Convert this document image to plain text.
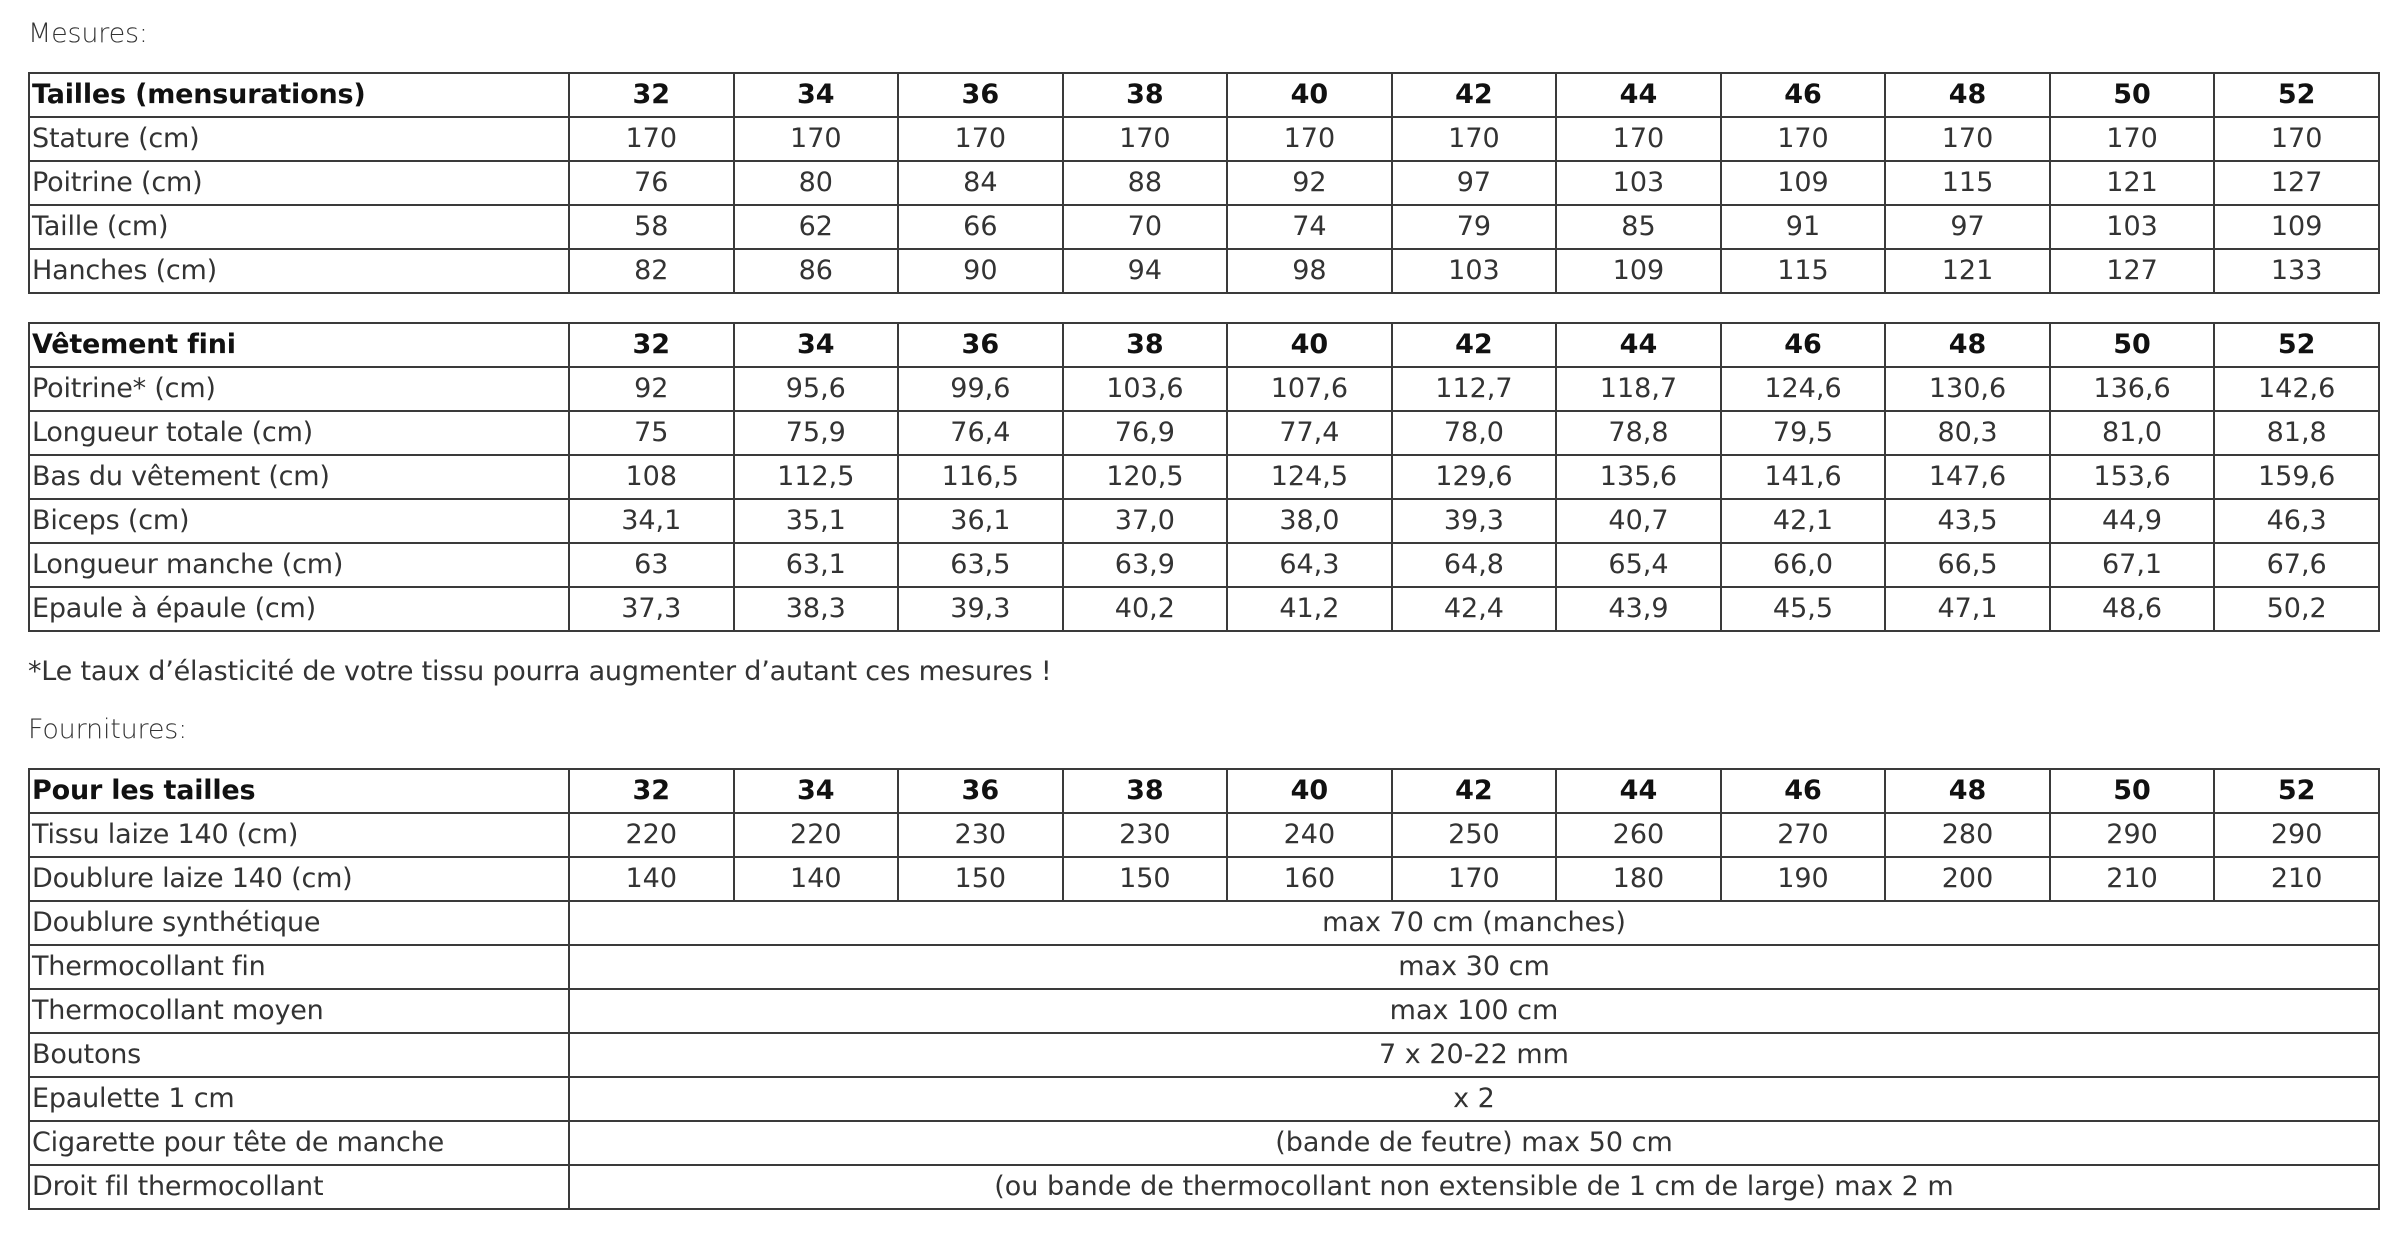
Mesures:
Tailles (mensurations)	32	34	36	38	40	42	44	46	48	50	52
Stature (cm)	170	170	170	170	170	170	170	170	170	170	170
Poitrine (cm)	76	80	84	88	92	97	103	109	115	121	127
Taille (cm)	58	62	66	70	74	79	85	91	97	103	109
Hanches (cm)	82	86	90	94	98	103	109	115	121	127	133
Vêtement fini	32	34	36	38	40	42	44	46	48	50	52
Poitrine* (cm)	92	95,6	99,6	103,6	107,6	112,7	118,7	124,6	130,6	136,6	142,6
Longueur totale (cm)	75	75,9	76,4	76,9	77,4	78,0	78,8	79,5	80,3	81,0	81,8
Bas du vêtement (cm)	108	112,5	116,5	120,5	124,5	129,6	135,6	141,6	147,6	153,6	159,6
Biceps (cm)	34,1	35,1	36,1	37,0	38,0	39,3	40,7	42,1	43,5	44,9	46,3
Longueur manche (cm)	63	63,1	63,5	63,9	64,3	64,8	65,4	66,0	66,5	67,1	67,6
Epaule à épaule (cm)	37,3	38,3	39,3	40,2	41,2	42,4	43,9	45,5	47,1	48,6	50,2
*Le taux d’élasticité de votre tissu pourra augmenter d’autant ces mesures !
Fournitures:
Pour les tailles	32	34	36	38	40	42	44	46	48	50	52
Tissu laize 140 (cm)	220	220	230	230	240	250	260	270	280	290	290
Doublure laize 140 (cm)	140	140	150	150	160	170	180	190	200	210	210
Doublure synthétique	max 70 cm (manches)										
Thermocollant fin	max 30 cm										
Thermocollant moyen	max 100 cm										
Boutons	7 x 20-22 mm										
Epaulette 1 cm	x 2										
Cigarette pour tête de manche	(bande de feutre) max 50 cm										
Droit fil thermocollant	(ou bande de thermocollant non extensible de 1 cm de large) max 2 m										
